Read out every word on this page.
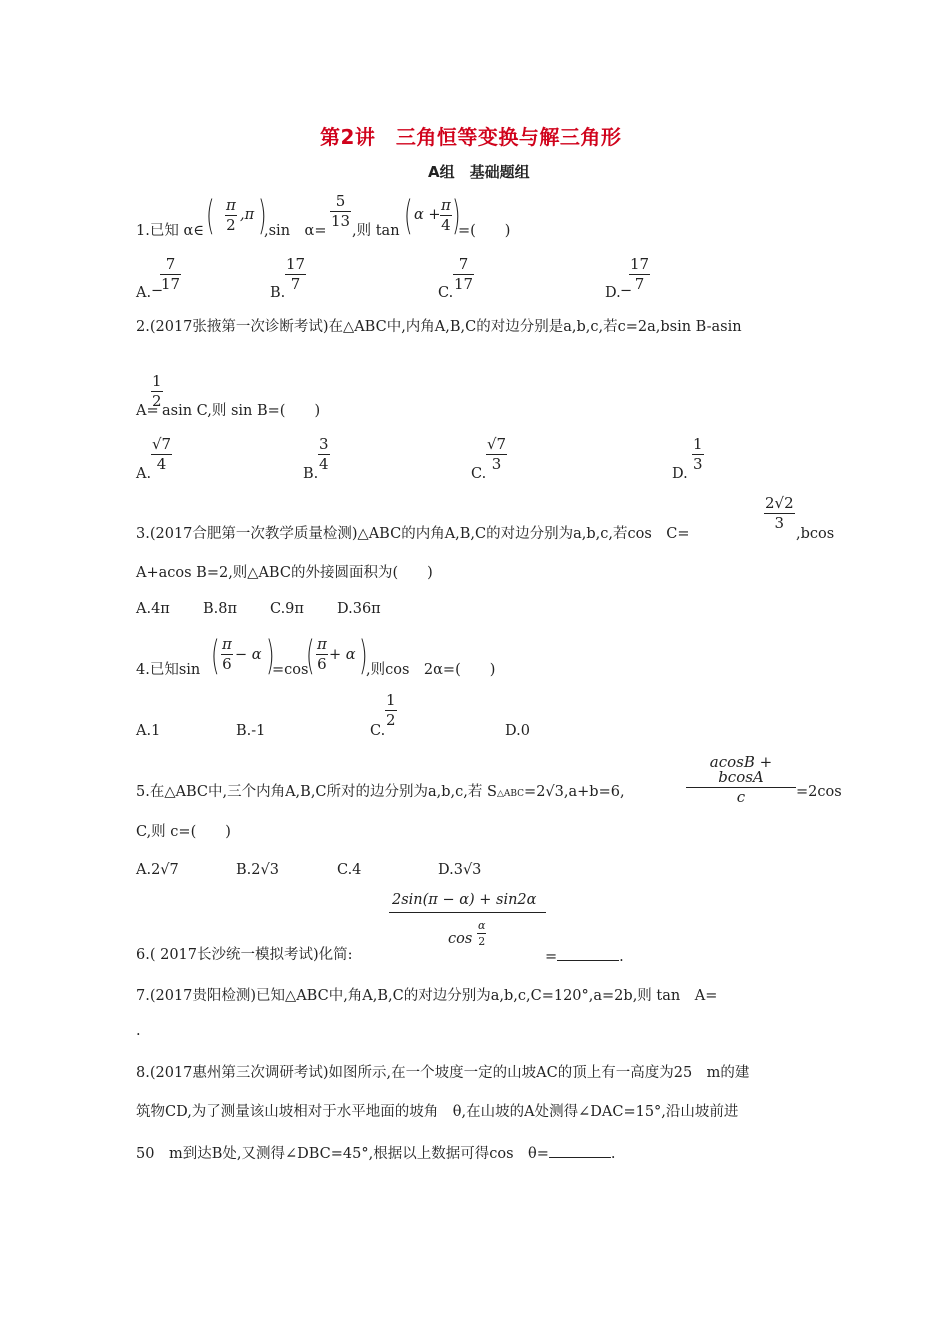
第2讲　三角恒等变换与解三角形
A组　基础题组
1.已知 α∈ ( π
2
,π )
,sin　α=
5
13
,则 tan ( α +
π
4 )
=(　　)
A. −
7
17	B.
17
7	C.
7
17	D. −
17
7
2.(2017张掖第一次诊断考试)在△ABC中,内角A,B,C的对边分别是a,b,c,若c=2a,bsin B-asin
A=
1
2
asin C,则 sin B=(　　)
A.
√7
4
B.
3
4
C.
√7
3
D.
1
3
3.(2017合肥第一次教学质量检测)△ABC的内角A,B,C的对边分别为a,b,c,若cos　C=
2√2
3
,bcos
A+acos B=2,则△ABC的外接圆面积为(　　)
A.4π B.8π C.9π D.36π
4.已知sin ( π
6 − α )
=cos
( π
6 + α )
,则cos　2α=(　　)
A.1	B.-1	C.
1
2
D.0
5.在△ABC中,三个内角A,B,C所对的边分别为a,b,c,若 S△ABC=2√3,a+b=6,
acosB + bcosA
c	=2cos
C,则 c=(　　)
A.2√7	B.2√3	C.4	D.3√3
2sin(π − α) + sin2α
cos
α
2
6.( 2017长沙统一模拟考试)化简:	=	.
7.(2017贵阳检测)已知△ABC中,角A,B,C的对边分别为a,b,c,C=120°,a=2b,则 tan　A=
.
8.(2017惠州第三次调研考试)如图所示,在一个坡度一定的山坡AC的顶上有一高度为25　m的建
筑物CD,为了测量该山坡相对于水平地面的坡角　θ,在山坡的A处测得∠DAC=15°,沿山坡前进
50　m到达B处,又测得∠DBC=45°,根据以上数据可得cos　θ=	.
